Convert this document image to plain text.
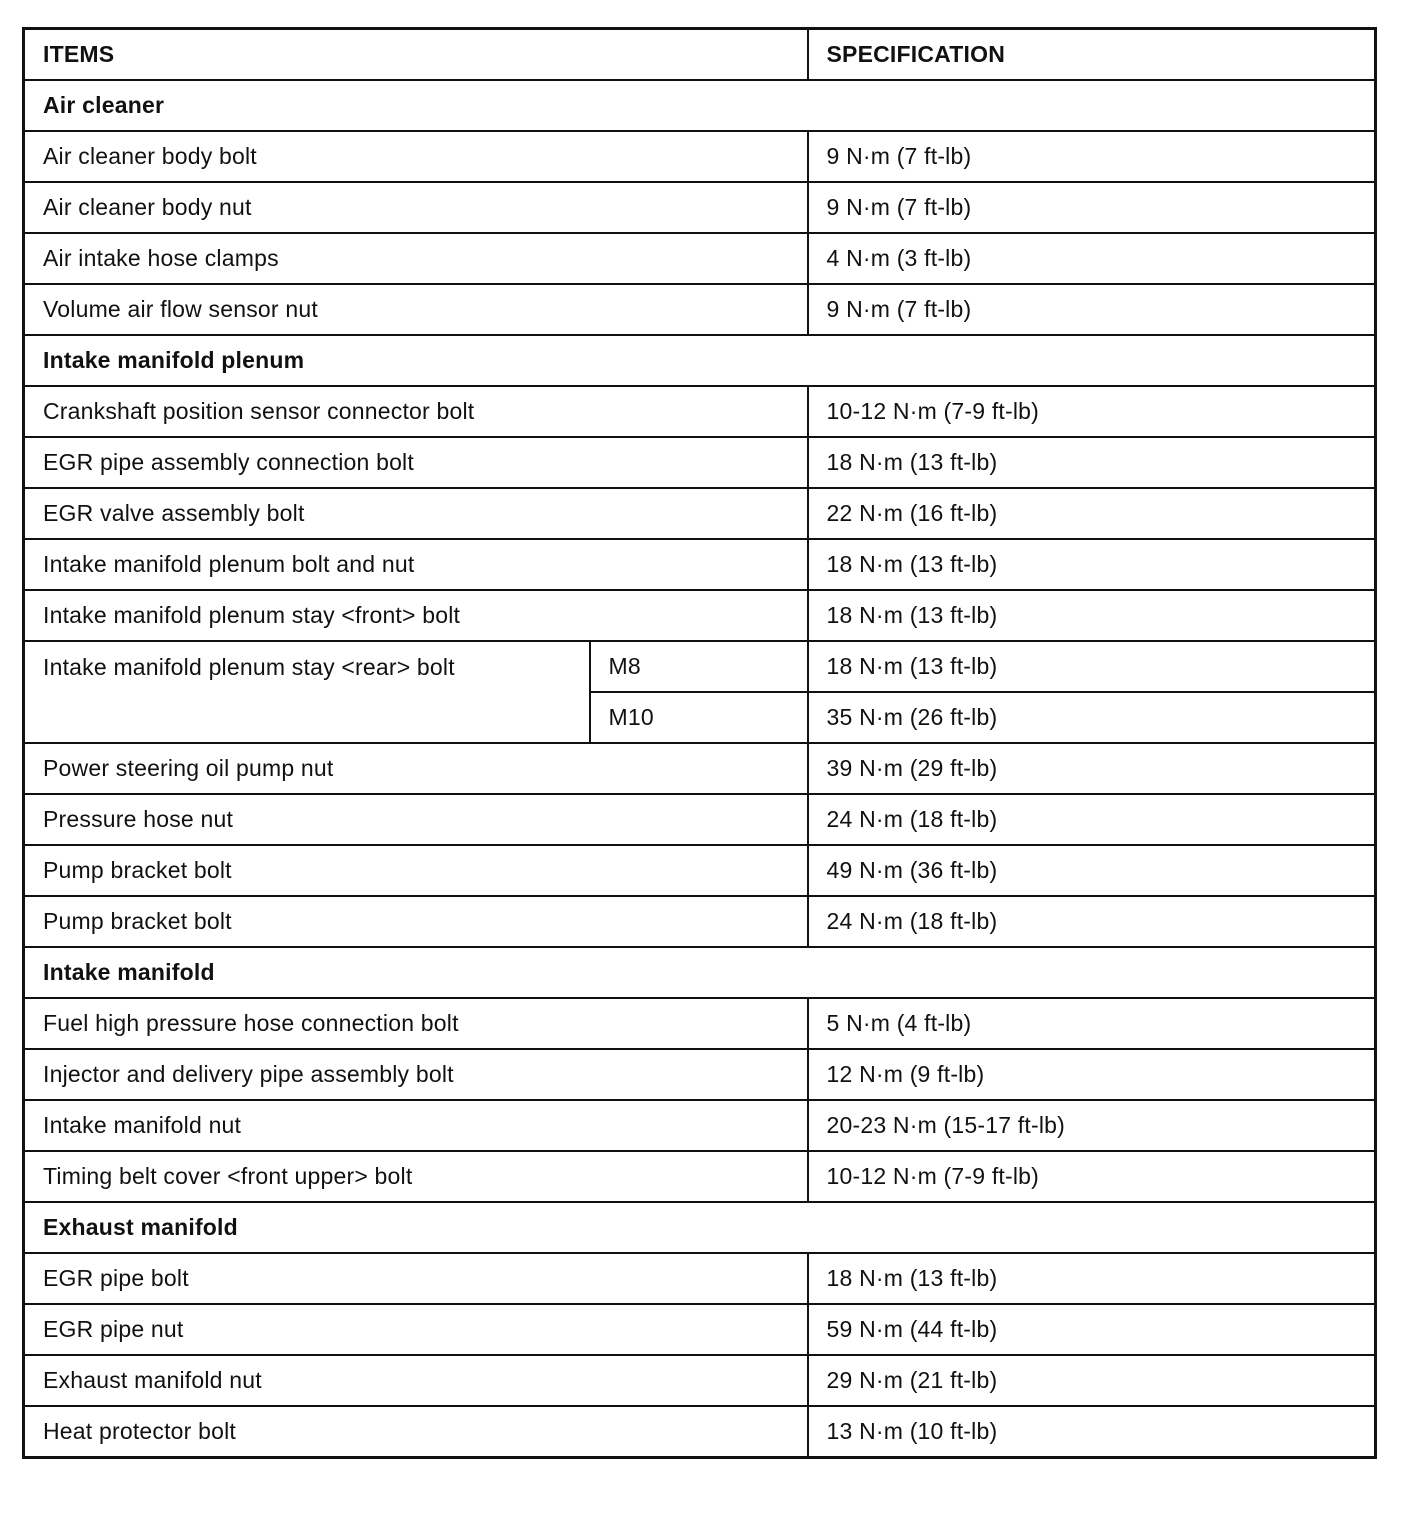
ITEMS		SPECIFICATION
Air cleaner		
Air cleaner body bolt		9 N·m (7 ft-lb)
Air cleaner body nut		9 N·m (7 ft-lb)
Air intake hose clamps		4 N·m (3 ft-lb)
Volume air flow sensor nut		9 N·m (7 ft-lb)
Intake manifold plenum		
Crankshaft position sensor connector bolt		10-12 N·m (7-9 ft-lb)
EGR pipe assembly connection bolt		18 N·m (13 ft-lb)
EGR valve assembly bolt		22 N·m (16 ft-lb)
Intake manifold plenum bolt and nut		18 N·m (13 ft-lb)
Intake manifold plenum stay <front> bolt		18 N·m (13 ft-lb)
Intake manifold plenum stay <rear> bolt	M8	18 N·m (13 ft-lb)
	M10	35 N·m (26 ft-lb)
Power steering oil pump nut		39 N·m (29 ft-lb)
Pressure hose nut		24 N·m (18 ft-lb)
Pump bracket bolt		49 N·m (36 ft-lb)
Pump bracket bolt		24 N·m (18 ft-lb)
Intake manifold		
Fuel high pressure hose connection bolt		5 N·m (4 ft-lb)
Injector and delivery pipe assembly bolt		12 N·m (9 ft-lb)
Intake manifold nut		20-23 N·m (15-17 ft-lb)
Timing belt cover <front upper> bolt		10-12 N·m (7-9 ft-lb)
Exhaust manifold		
EGR pipe bolt		18 N·m (13 ft-lb)
EGR pipe nut		59 N·m (44 ft-lb)
Exhaust manifold nut		29 N·m (21 ft-lb)
Heat protector bolt		13 N·m (10 ft-lb)
